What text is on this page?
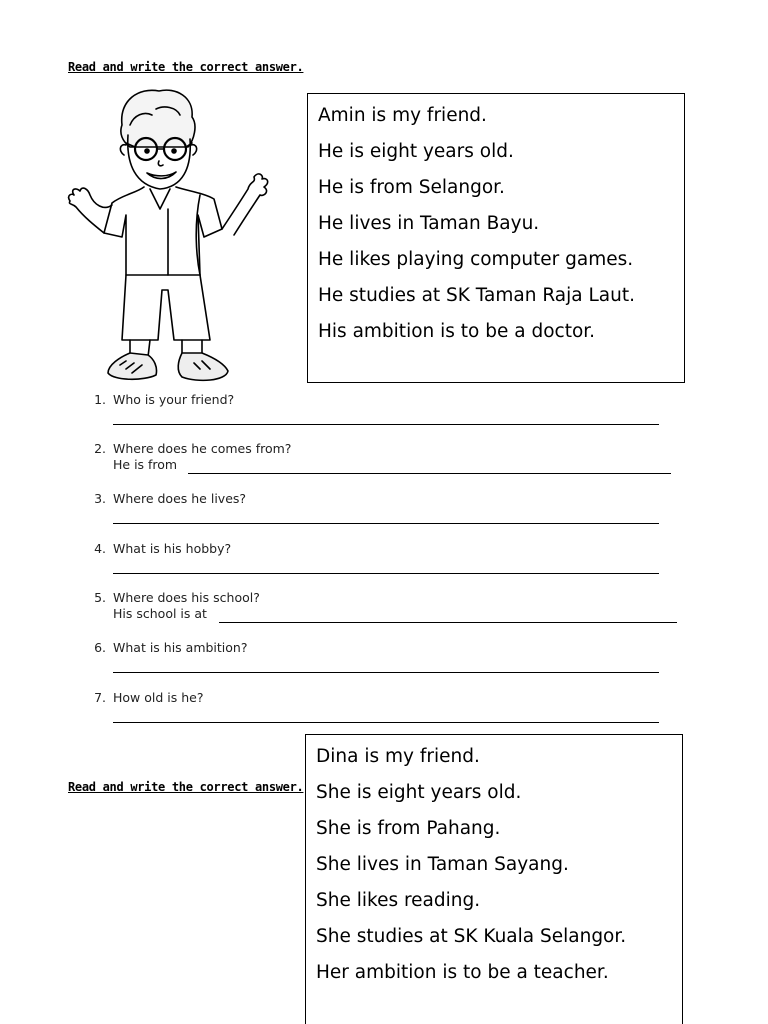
Read and write the correct answer.
Amin is my friend.
He is eight years old.
He is from Selangor.
He lives in Taman Bayu.
He likes playing computer games.
He studies at SK Taman Raja Laut.
His ambition is to be a doctor.
1. Who is your friend?
2. Where does he comes from?
He is from
3. Where does he lives?
4. What is his hobby?
5. Where does his school?
His school is at
6. What is his ambition?
7. How old is he?
Read and write the correct answer.
Dina is my friend.
She is eight years old.
She is from Pahang.
She lives in Taman Sayang.
She likes reading.
She studies at SK Kuala Selangor.
Her ambition is to be a teacher.
